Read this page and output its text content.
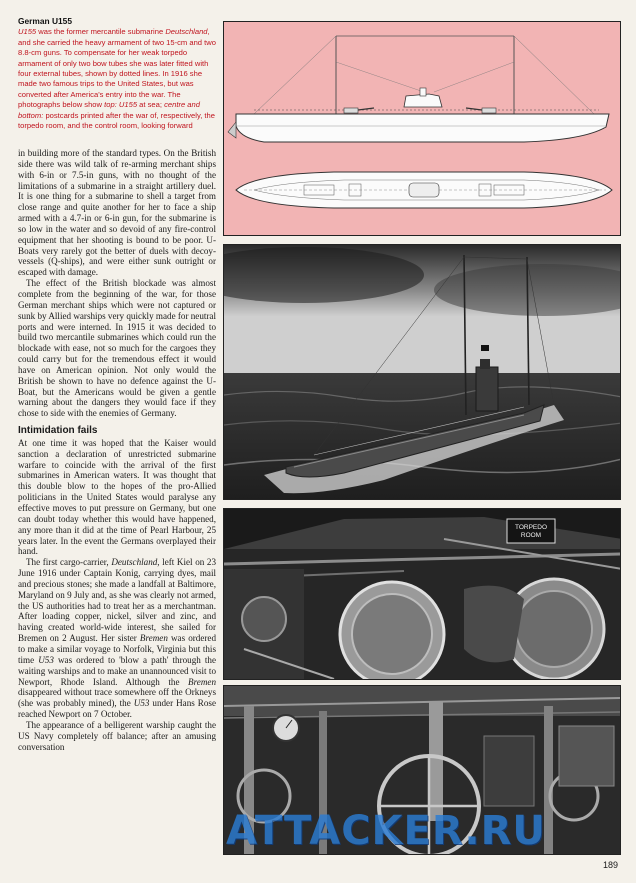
German U155
U155 was the former mercantile submarine Deutschland, and she carried the heavy armament of two 15-cm and two 8.8-cm guns. To compensate for her weak torpedo armament of only two bow tubes she was later fitted with four external tubes, shown by dotted lines. In 1916 she made two famous trips to the United States, but was converted after America's entry into the war. The photographs below show top: U155 at sea; centre and bottom: postcards printed after the war of, respectively, the torpedo room, and the control room, looking forward

in building more of the standard types. On the British side there was wild talk of re-arming merchant ships with 6-in or 7.5-in guns, with no thought of the limitations of a submarine in a straight artillery duel. It is one thing for a submarine to shell a target from close range and quite another for her to face a ship armed with a 4.7-in or 6-in gun, for the submarine is so low in the water and so devoid of any fire-control equipment that her shooting is bound to be poor. U-Boats very rarely got the better of duels with decoy-vessels (Q-ships), and were either sunk outright or escaped with damage.

The effect of the British blockade was almost complete from the beginning of the war, for those German merchant ships which were not captured or sunk by Allied warships very quickly made for neutral ports and were interned. In 1915 it was decided to build two mercantile submarines which could run the blockade with ease, not so much for the cargoes they could carry but for the tremendous effect it would have on American opinion. Not only would the British be shown to have no defence against the U-Boat, but the Americans would be given a gentle warning about the dangers they would face if they chose to side with the enemies of Germany.

Intimidation fails

At one time it was hoped that the Kaiser would sanction a declaration of unrestricted submarine warfare to coincide with the arrival of the first submarines in American waters. It was thought that this double blow to the hopes of the pro-Allied politicians in the United States would paralyse any effective moves to put pressure on Germany, but one can doubt today whether this would have happened, any more than it did at the time of Pearl Harbour, 25 years later. In the event the Germans overplayed their hand.

The first cargo-carrier, Deutschland, left Kiel on 23 June 1916 under Captain Konig, carrying dyes, mail and precious stones; she made a landfall at Baltimore, Maryland on 9 July and, as she was clearly not armed, the US authorities had to treat her as a merchantman. After loading copper, nickel, silver and zinc, and having created world-wide interest, she sailed for Bremen on 2 August. Her sister Bremen was ordered to make a similar voyage to Norfolk, Virginia but this time U53 was ordered to 'blow a path' through the waiting warships and to make an unannounced visit to Newport, Rhode Island. Although the Bremen disappeared without trace somewhere off the Orkneys (she was probably mined), the U53 under Hans Rose reached Newport on 7 October.

The appearance of a belligerent warship caught the US Navy completely off balance; after an amusing conversation

TORPEDO ROOM
ATTACKER.RU
189
